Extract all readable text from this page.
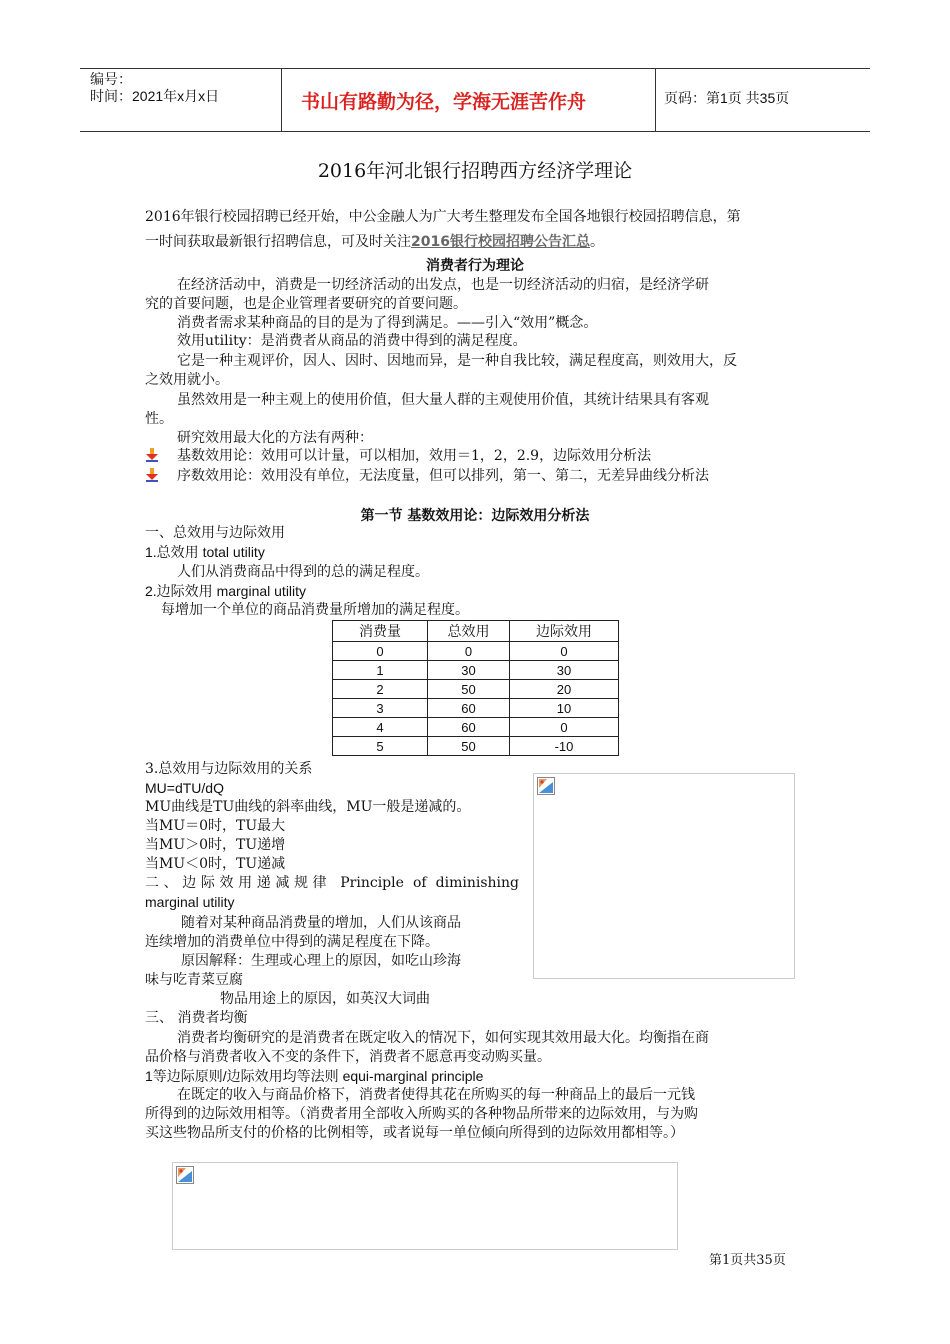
编号：
时间：2021年x月x日	书山有路勤为径，学海无涯苦作舟	页码：第1页 共35页
2016年河北银行招聘西方经济学理论
2016年银行校园招聘已经开始，中公金融人为广大考生整理发布全国各地银行校园招聘信息，第
一时间获取最新银行招聘信息，可及时关注2016银行校园招聘公告汇总。
消费者行为理论
在经济活动中，消费是一切经济活动的出发点，也是一切经济活动的归宿，是经济学研
究的首要问题，也是企业管理者要研究的首要问题。
消费者需求某种商品的目的是为了得到满足。——引入“效用”概念。
效用utility：是消费者从商品的消费中得到的满足程度。
它是一种主观评价，因人、因时、因地而异，是一种自我比较，满足程度高，则效用大，反
之效用就小。
虽然效用是一种主观上的使用价值，但大量人群的主观使用价值，其统计结果具有客观
性。
研究效用最大化的方法有两种：
基数效用论：效用可以计量，可以相加，效用＝1，2，2.9，边际效用分析法
序数效用论：效用没有单位，无法度量，但可以排列，第一、第二，无差异曲线分析法
第一节 基数效用论：边际效用分析法
一、总效用与边际效用
1.总效用 total utility
人们从消费商品中得到的总的满足程度。
2.边际效用 marginal utility
每增加一个单位的商品消费量所增加的满足程度。
消费量	总效用	边际效用
0	0	0
1	30	30
2	50	20
3	60	10
4	60	0
5	50	-10
3.总效用与边际效用的关系
MU=dTU/dQ
MU曲线是TU曲线的斜率曲线，MU一般是递减的。
当MU＝0时，TU最大
当MU＞0时，TU递增
当MU＜0时，TU递减
二、边际效用递减规律 Principle of diminishing
marginal utility
随着对某种商品消费量的增加，人们从该商品
连续增加的消费单位中得到的满足程度在下降。
原因解释：生理或心理上的原因，如吃山珍海
味与吃青菜豆腐
物品用途上的原因，如英汉大词曲
三、 消费者均衡
消费者均衡研究的是消费者在既定收入的情况下，如何实现其效用最大化。均衡指在商
品价格与消费者收入不变的条件下，消费者不愿意再变动购买量。
1等边际原则/边际效用均等法则 equi-marginal principle
在既定的收入与商品价格下，消费者使得其花在所购买的每一种商品上的最后一元钱
所得到的边际效用相等。（消费者用全部收入所购买的各种物品所带来的边际效用，与为购
买这些物品所支付的价格的比例相等，或者说每一单位倾向所得到的边际效用都相等。）
第1页共35页
